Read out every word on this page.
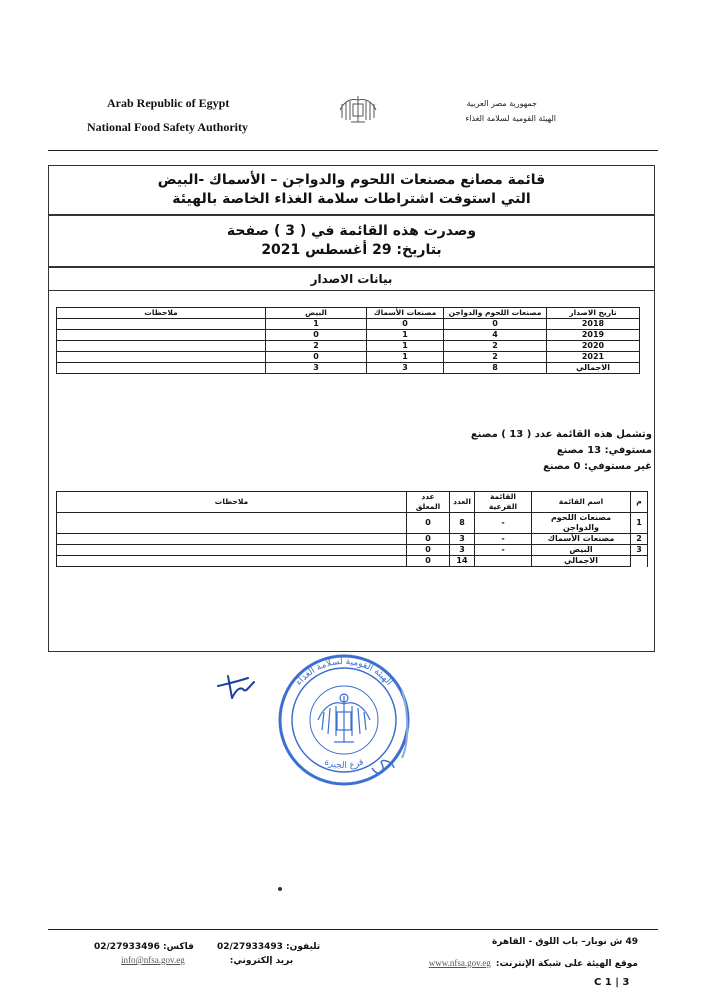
Arab Republic of Egypt
National Food Safety Authority
جمهورية مصر العربية
الهيئة القومية لسلامة الغذاء
قائمة مصانع مصنعات اللحوم والدواجن – الأسماك -البيض
التي استوفت اشتراطات سلامة الغذاء الخاصة بالهيئة
وصدرت هذه القائمة في ( 3 ) صفحة
بتاريخ: 29 أغسطس 2021
بيانات الاصدار
تاريخ الاصدار	مصنعات اللحوم والدواجن	مصنعات الأسماك	البيض	ملاحظات
2018	0	0	1	
2019	4	1	0	
2020	2	1	2	
2021	2	1	0	
الاجمالي	8	3	3	
وتشمل هذه القائمة عدد ( 13 ) مصنع
مستوفي: 13 مصنع
غير مستوفي: 0 مصنع
م	اسم القائمة	القائمة الفرعية	العدد	عدد المعلق	ملاحظات
1	مصنعات اللحوم والدواجن	-	8	0	
2	مصنعات الأسماك	-	3	0	
3	البيض	-	3	0	
	الاجمالي		14	0	
الهيئة القومية لسلامة الغذاء
فرع الجيزة
49 ش نوبار– باب اللوق - القاهرة
موقع الهيئة على شبكة الإنترنت: www.nfsa.gov.eg
تليفون: 02/27933493 فاكس: 02/27933496
بريد إلكتروني: info@nfsa.gov.eg
C 1 | 3
